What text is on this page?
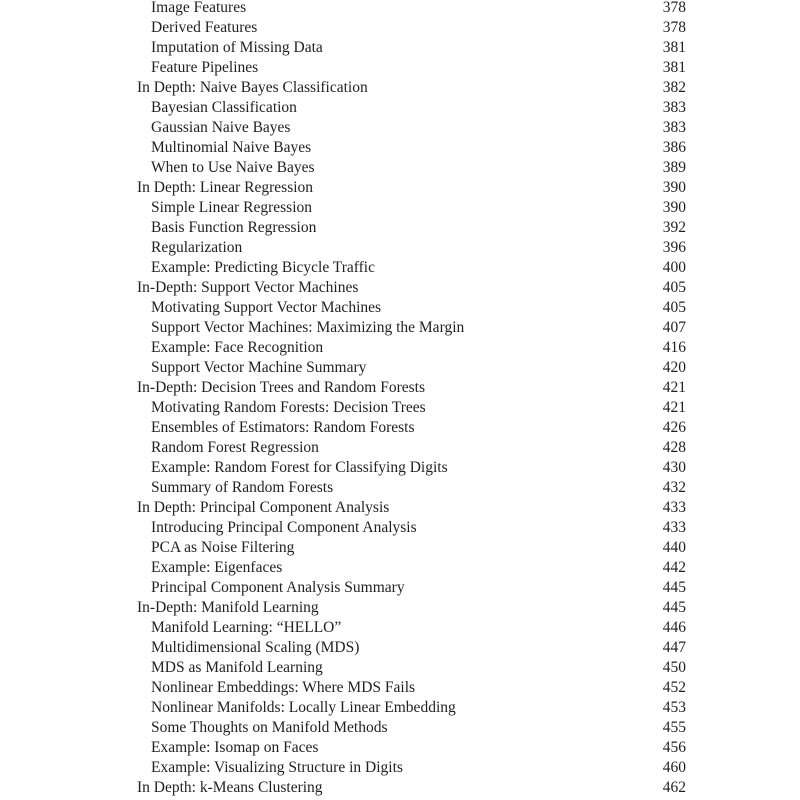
Image Features	378
Derived Features	378
Imputation of Missing Data	381
Feature Pipelines	381
In Depth: Naive Bayes Classification	382
Bayesian Classification	383
Gaussian Naive Bayes	383
Multinomial Naive Bayes	386
When to Use Naive Bayes	389
In Depth: Linear Regression	390
Simple Linear Regression	390
Basis Function Regression	392
Regularization	396
Example: Predicting Bicycle Traffic	400
In-Depth: Support Vector Machines	405
Motivating Support Vector Machines	405
Support Vector Machines: Maximizing the Margin	407
Example: Face Recognition	416
Support Vector Machine Summary	420
In-Depth: Decision Trees and Random Forests	421
Motivating Random Forests: Decision Trees	421
Ensembles of Estimators: Random Forests	426
Random Forest Regression	428
Example: Random Forest for Classifying Digits	430
Summary of Random Forests	432
In Depth: Principal Component Analysis	433
Introducing Principal Component Analysis	433
PCA as Noise Filtering	440
Example: Eigenfaces	442
Principal Component Analysis Summary	445
In-Depth: Manifold Learning	445
Manifold Learning: “HELLO”	446
Multidimensional Scaling (MDS)	447
MDS as Manifold Learning	450
Nonlinear Embeddings: Where MDS Fails	452
Nonlinear Manifolds: Locally Linear Embedding	453
Some Thoughts on Manifold Methods	455
Example: Isomap on Faces	456
Example: Visualizing Structure in Digits	460
In Depth: k-Means Clustering	462
